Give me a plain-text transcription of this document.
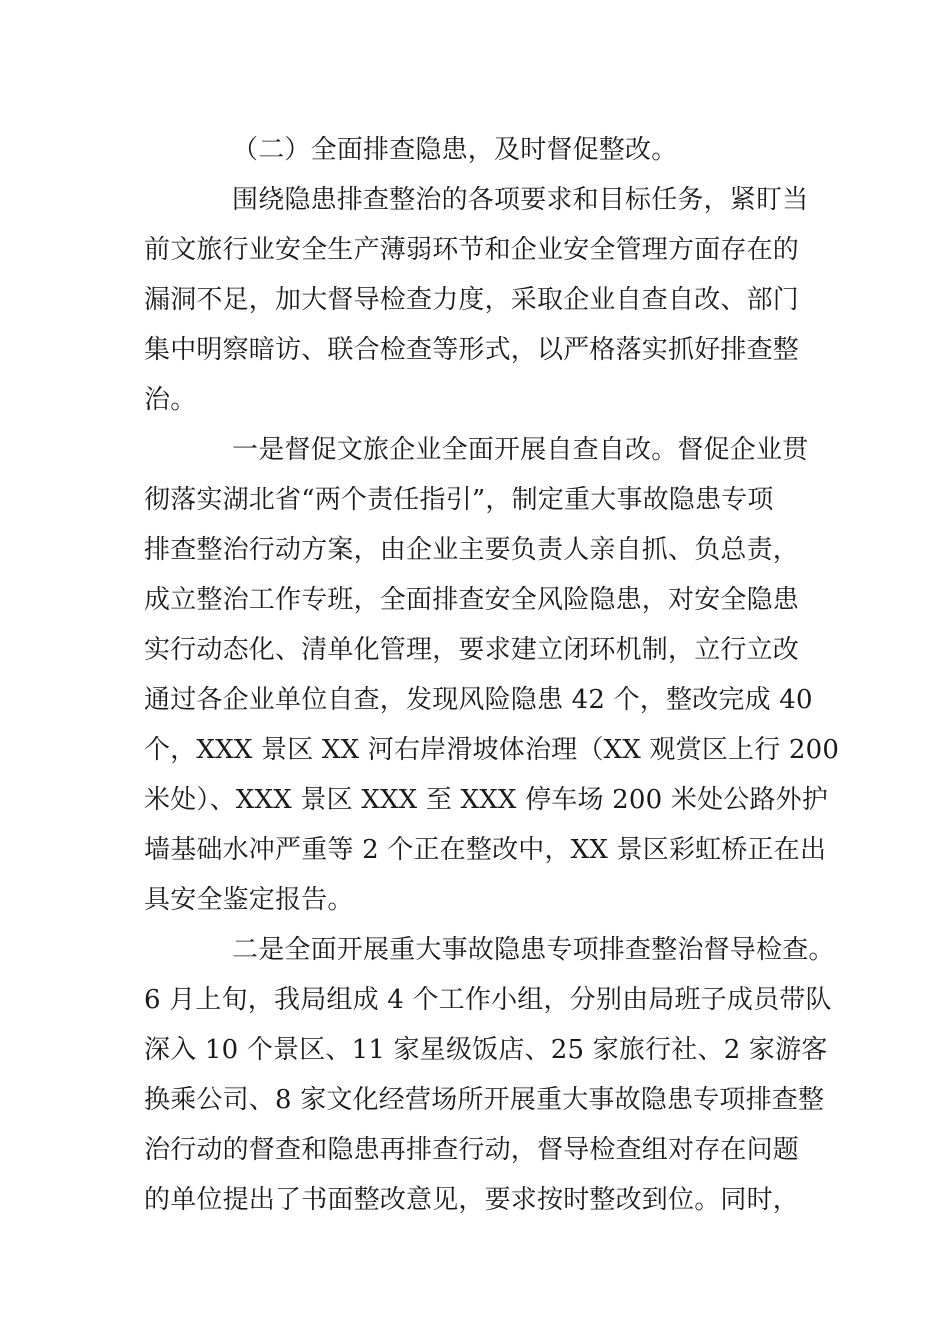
（二）全面排查隐患，及时督促整改。
围绕隐患排查整治的各项要求和目标任务，紧盯当
前文旅行业安全生产薄弱环节和企业安全管理方面存在的
漏洞不足，加大督导检查力度，采取企业自查自改、部门
集中明察暗访、联合检查等形式，以严格落实抓好排查整
治。
一是督促文旅企业全面开展自查自改。督促企业贯
彻落实湖北省“两个责任指引”，制定重大事故隐患专项
排查整治行动方案，由企业主要负责人亲自抓、负总责，
成立整治工作专班，全面排查安全风险隐患，对安全隐患
实行动态化、清单化管理，要求建立闭环机制，立行立改
通过各企业单位自查，发现风险隐患 42 个，整改完成 40
个，XXX 景区 XX 河右岸滑坡体治理（XX 观赏区上行 200
米处）、XXX 景区 XXX 至 XXX 停车场 200 米处公路外护
墙基础水冲严重等 2 个正在整改中，XX 景区彩虹桥正在出
具安全鉴定报告。
二是全面开展重大事故隐患专项排查整治督导检查。
6 月上旬，我局组成 4 个工作小组，分别由局班子成员带队
深入 10 个景区、11 家星级饭店、25 家旅行社、2 家游客
换乘公司、8 家文化经营场所开展重大事故隐患专项排查整
治行动的督查和隐患再排查行动，督导检查组对存在问题
的单位提出了书面整改意见，要求按时整改到位。同时，
